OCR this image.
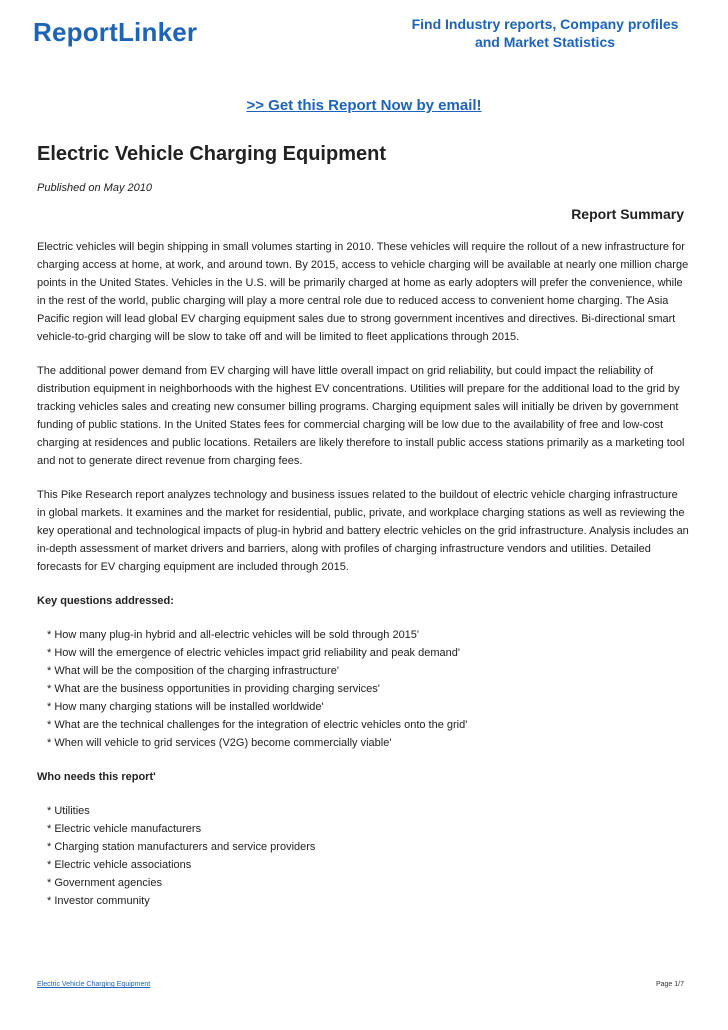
ReportLinker	Find Industry reports, Company profiles
and Market Statistics
>> Get this Report Now by email!
Electric Vehicle Charging Equipment
Published on May 2010
Report Summary

Electric vehicles will begin shipping in small volumes starting in 2010. These vehicles will require the rollout of a new infrastructure for charging access at home, at work, and around town. By 2015, access to vehicle charging will be available at nearly one million charge points in the United States. Vehicles in the U.S. will be primarily charged at home as early adopters will prefer the convenience, while in the rest of the world, public charging will play a more central role due to reduced access to convenient home charging. The Asia Pacific region will lead global EV charging equipment sales due to strong government incentives and directives. Bi-directional smart vehicle-to-grid charging will be slow to take off and will be limited to fleet applications through 2015.

The additional power demand from EV charging will have little overall impact on grid reliability, but could impact the reliability of distribution equipment in neighborhoods with the highest EV concentrations. Utilities will prepare for the additional load to the grid by tracking vehicles sales and creating new consumer billing programs. Charging equipment sales will initially be driven by government funding of public stations. In the United States fees for commercial charging will be low due to the availability of free and low-cost charging at residences and public locations. Retailers are likely therefore to install public access stations primarily as a marketing tool and not to generate direct revenue from charging fees.

This Pike Research report analyzes technology and business issues related to the buildout of electric vehicle charging infrastructure in global markets. It examines and the market for residential, public, private, and workplace charging stations as well as reviewing the key operational and technological impacts of plug-in hybrid and battery electric vehicles on the grid infrastructure. Analysis includes an in-depth assessment of market drivers and barriers, along with profiles of charging infrastructure vendors and utilities. Detailed forecasts for EV charging equipment are included through 2015.

Key questions addressed:
* How many plug-in hybrid and all-electric vehicles will be sold through 2015'
* How will the emergence of electric vehicles impact grid reliability and peak demand'
* What will be the composition of the charging infrastructure'
* What are the business opportunities in providing charging services'
* How many charging stations will be installed worldwide'
* What are the technical challenges for the integration of electric vehicles onto the grid'
* When will vehicle to grid services (V2G) become commercially viable'
Who needs this report'
* Utilities
* Electric vehicle manufacturers
* Charging station manufacturers and service providers
* Electric vehicle associations
* Government agencies
* Investor community
Electric Vehicle Charging Equipment	Page 1/7
